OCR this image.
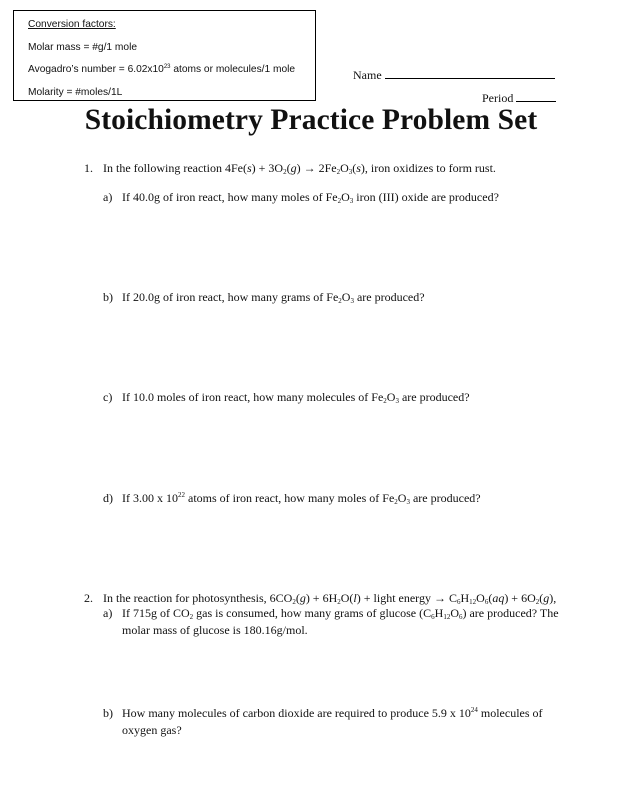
Conversion factors:
Molar mass = #g/1 mole
Avogadro’s number = $6.02x10^{23}$ atoms or molecules/1 mole
Molarity = #moles/1L
Name
Period
Stoichiometry Practice Problem Set
1. In the following reaction $4Fe(s) + 3O_2(g) \to 2Fe_2O_3(s)$, iron oxidizes to form rust.
a) If 40.0g of iron react, how many moles of $Fe_2O_3$ iron (III) oxide are produced?
b) If 20.0g of iron react, how many grams of $Fe_2O_3$ are produced?
c) If 10.0 moles of iron react, how many molecules of $Fe_2O_3$ are produced?
d) If 3.00 x $10^{22}$ atoms of iron react, how many moles of $Fe_2O_3$ are produced?
2. In the reaction for photosynthesis, $6CO_2(g) + 6H_2O(l)$ + light energy → $C_6H_{12}O_6(aq) + 6O_2(g)$,
a) If 715g of $CO_2$ gas is consumed, how many grams of glucose $(C_6H_{12}O_6)$ are produced? The
molar mass of glucose is 180.16g/mol.
b) How many molecules of carbon dioxide are required to produce 5.9 x $10^{24}$ molecules of
oxygen gas?
